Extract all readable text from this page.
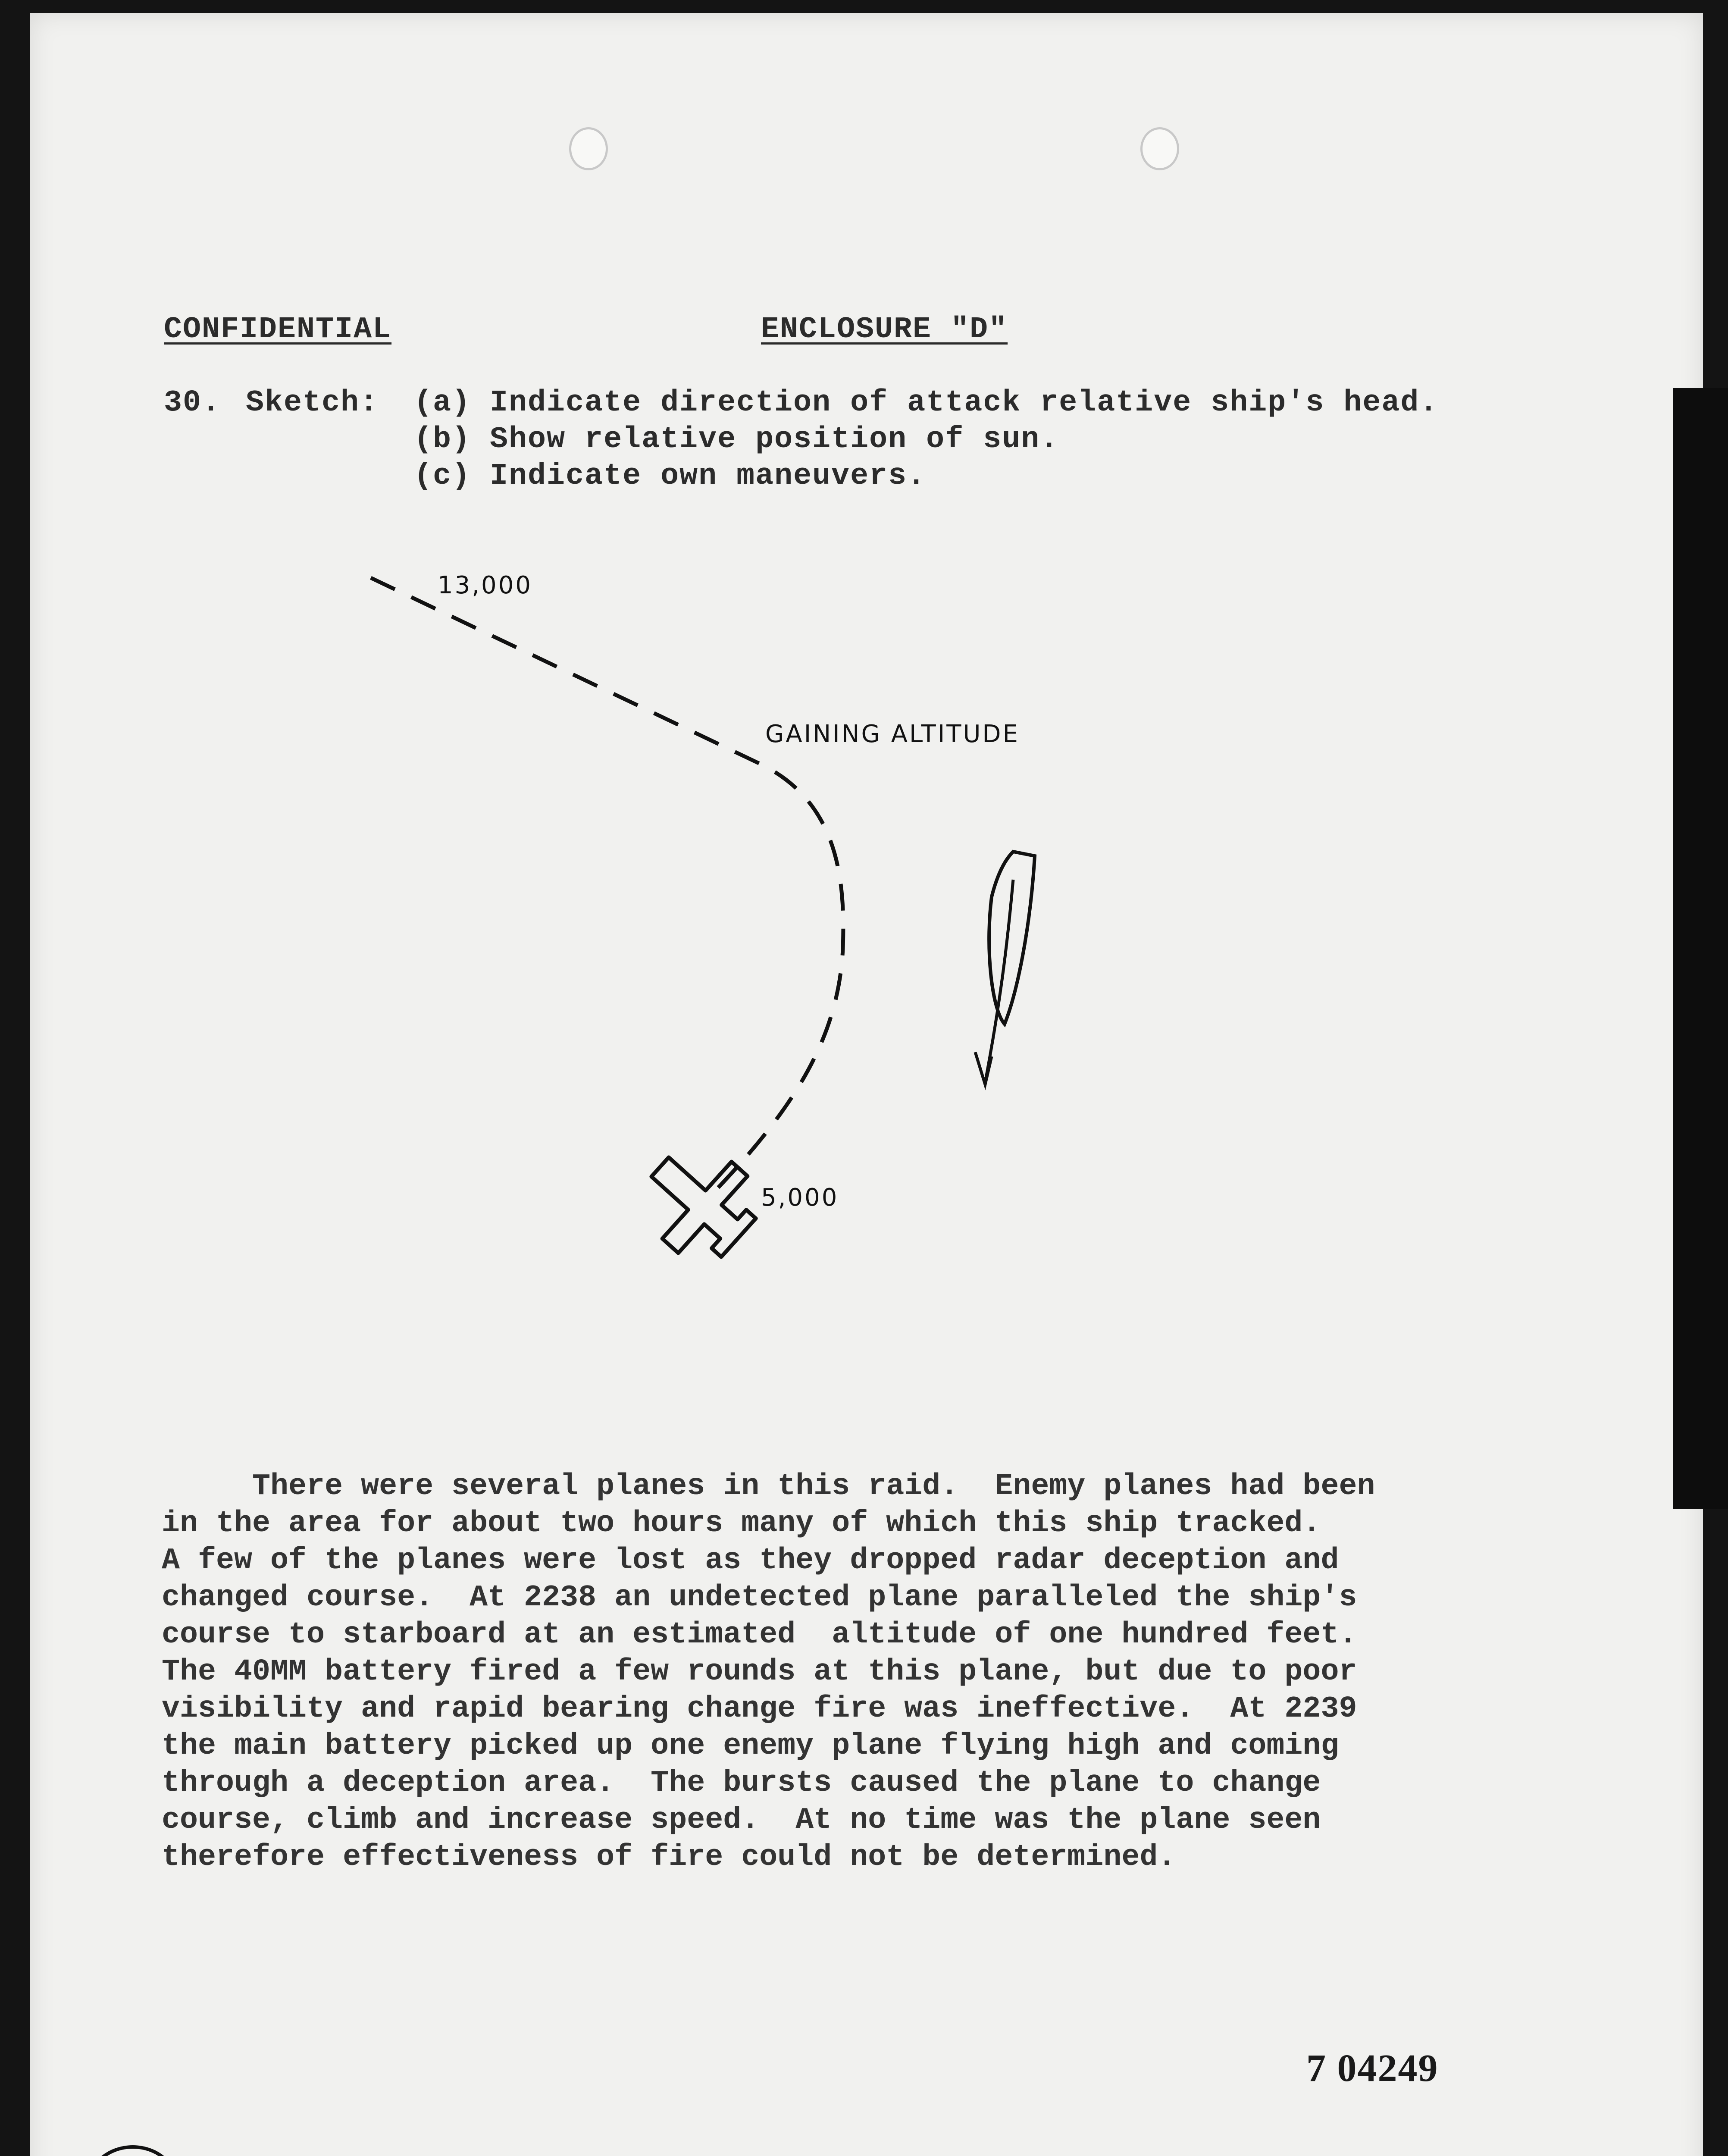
CONFIDENTIAL	ENCLOSURE "D"
30. Sketch: (a) Indicate direction of attack relative ship's head.
(b) Show relative position of sun.
(c) Indicate own maneuvers.
13,000
GAINING ALTITUDE
5,000
There were several planes in this raid.  Enemy planes had been
in the area for about two hours many of which this ship tracked.
A few of the planes were lost as they dropped radar deception and
changed course.  At 2238 an undetected plane paralleled the ship's
course to starboard at an estimated  altitude of one hundred feet.
The 40MM battery fired a few rounds at this plane, but due to poor
visibility and rapid bearing change fire was ineffective.  At 2239
the main battery picked up one enemy plane flying high and coming
through a deception area.  The bursts caused the plane to change
course, climb and increase speed.  At no time was the plane seen
therefore effectiveness of fire could not be determined.
7 04249
